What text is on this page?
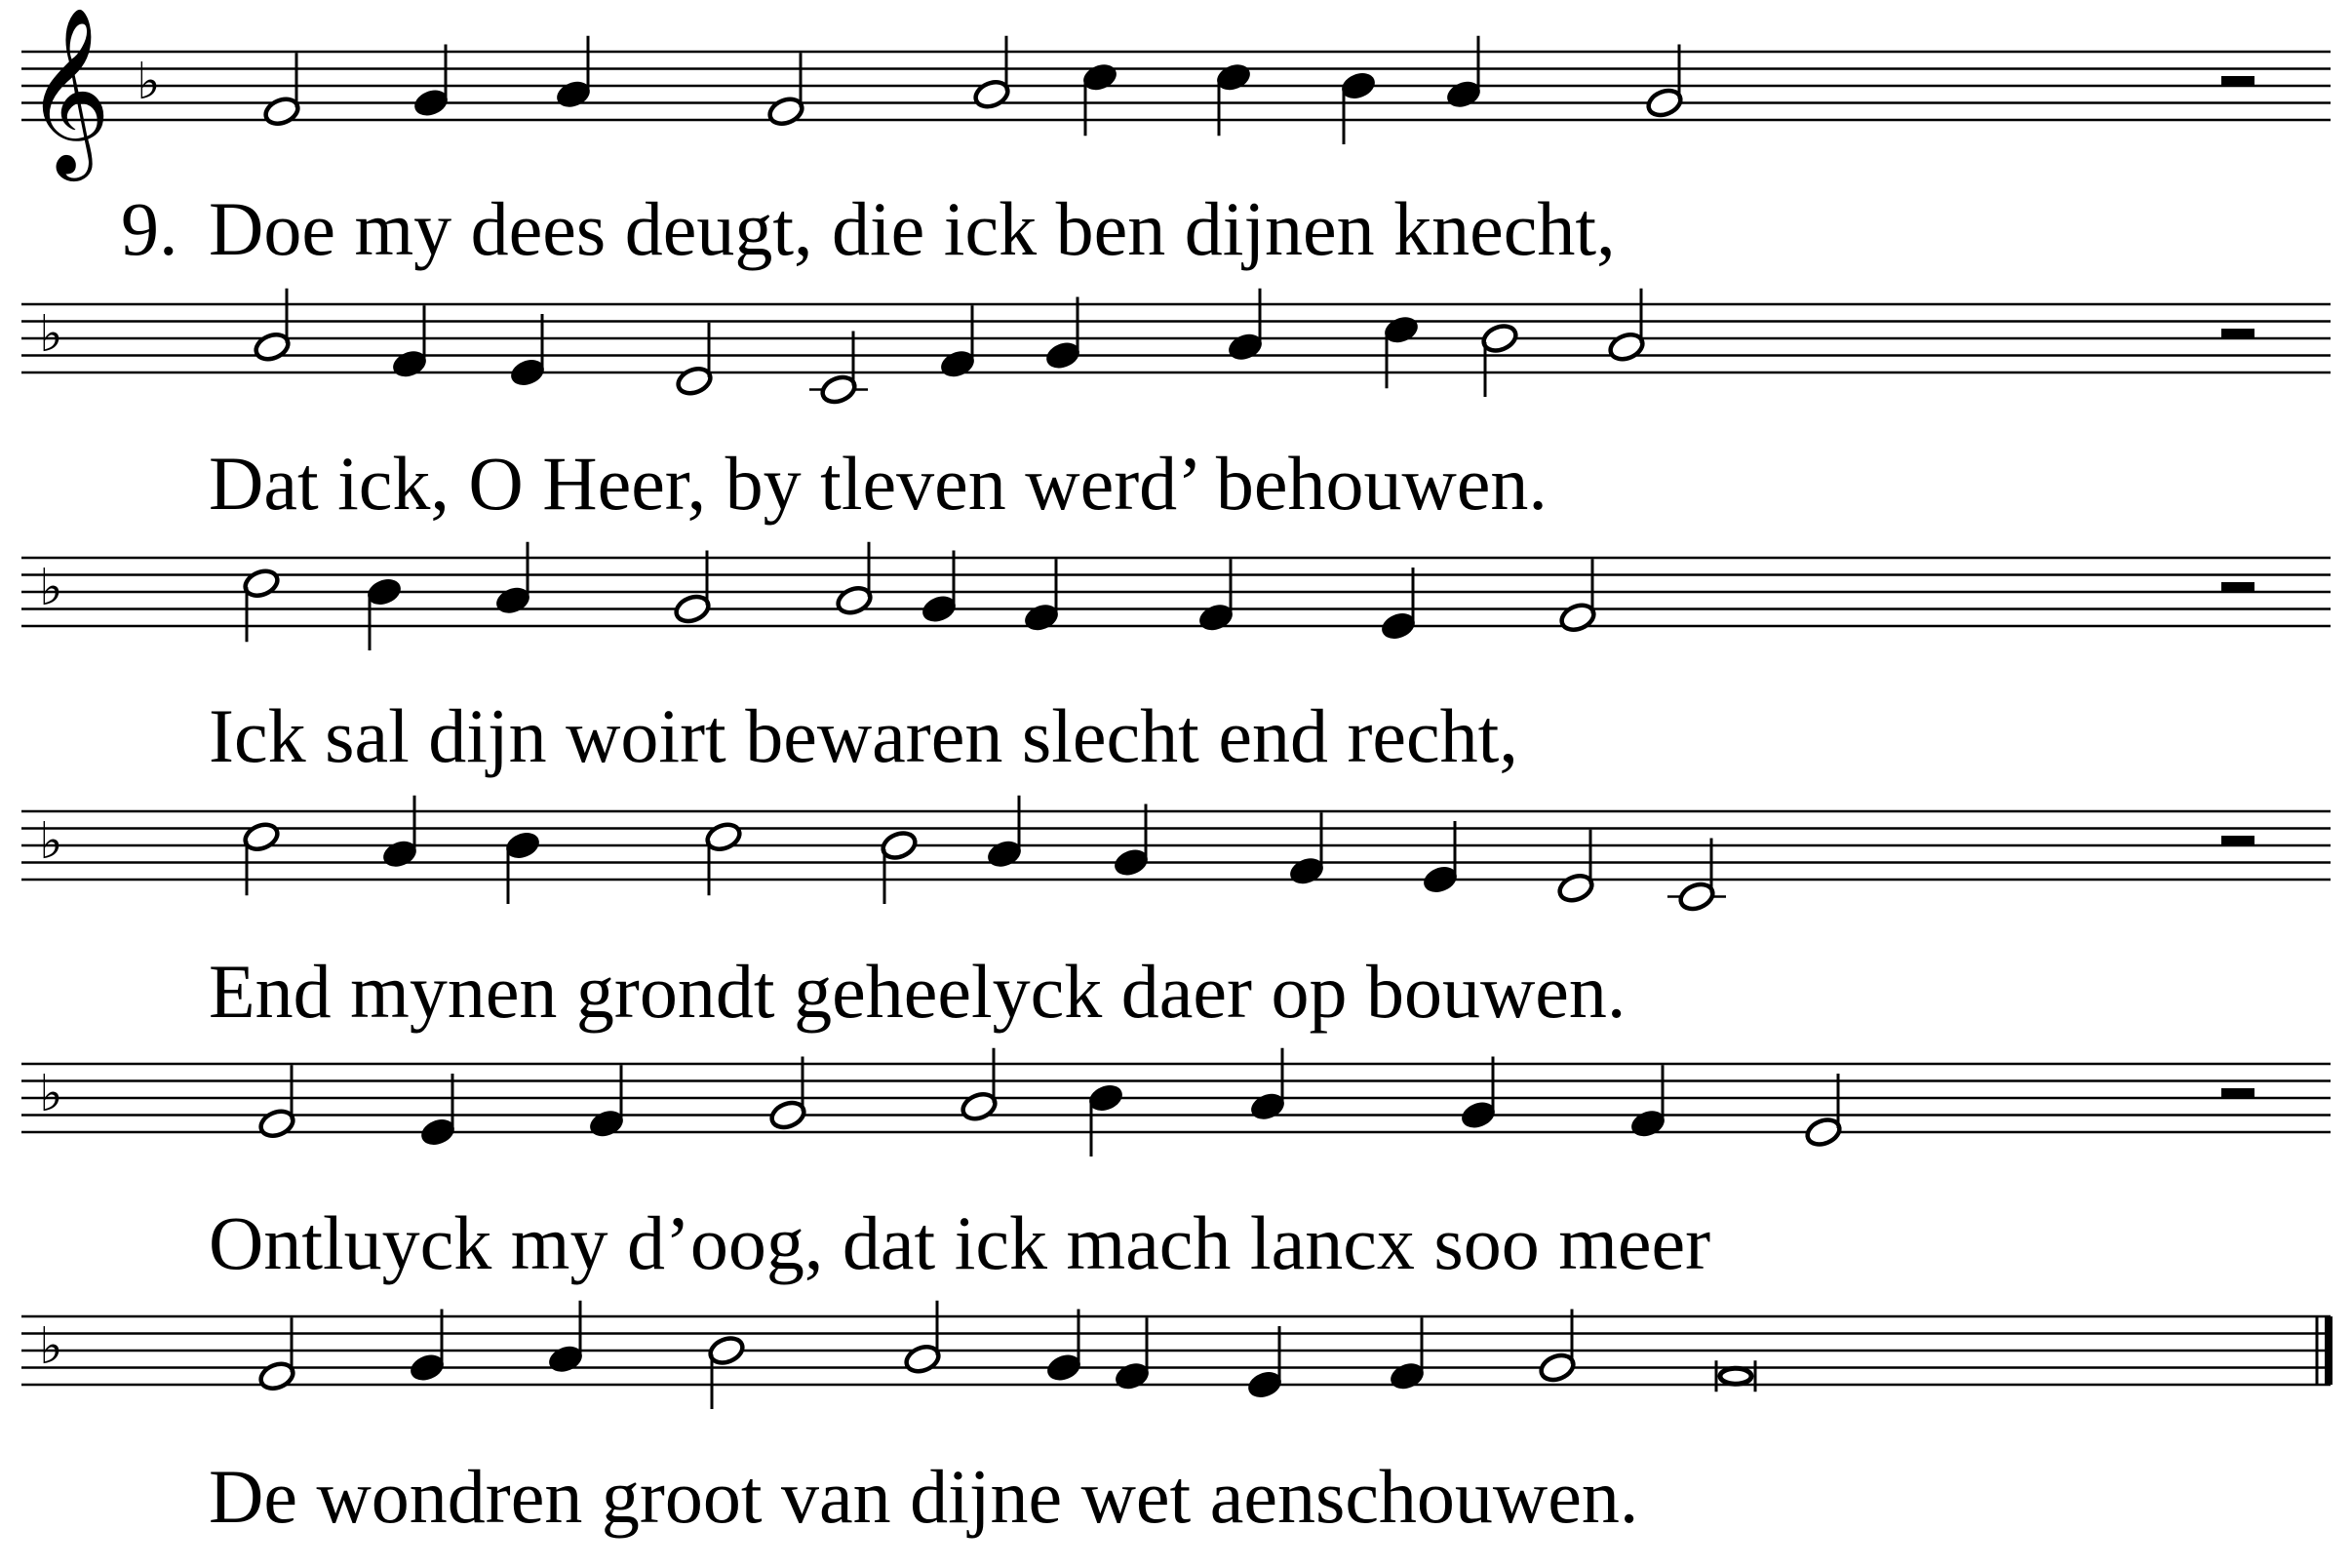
𝄞 ♭
♭
♭
♭
♭
♭
9. Doe my dees deugt, die ick ben dijnen knecht,
Dat ick, O Heer, by tleven werd’ behouwen.
Ick sal dijn woirt bewaren slecht end recht,
End mynen grondt geheelyck daer op bouwen.
Ontluyck my d’oog, dat ick mach lancx soo meer
De wondren groot van dijne wet aenschouwen.
